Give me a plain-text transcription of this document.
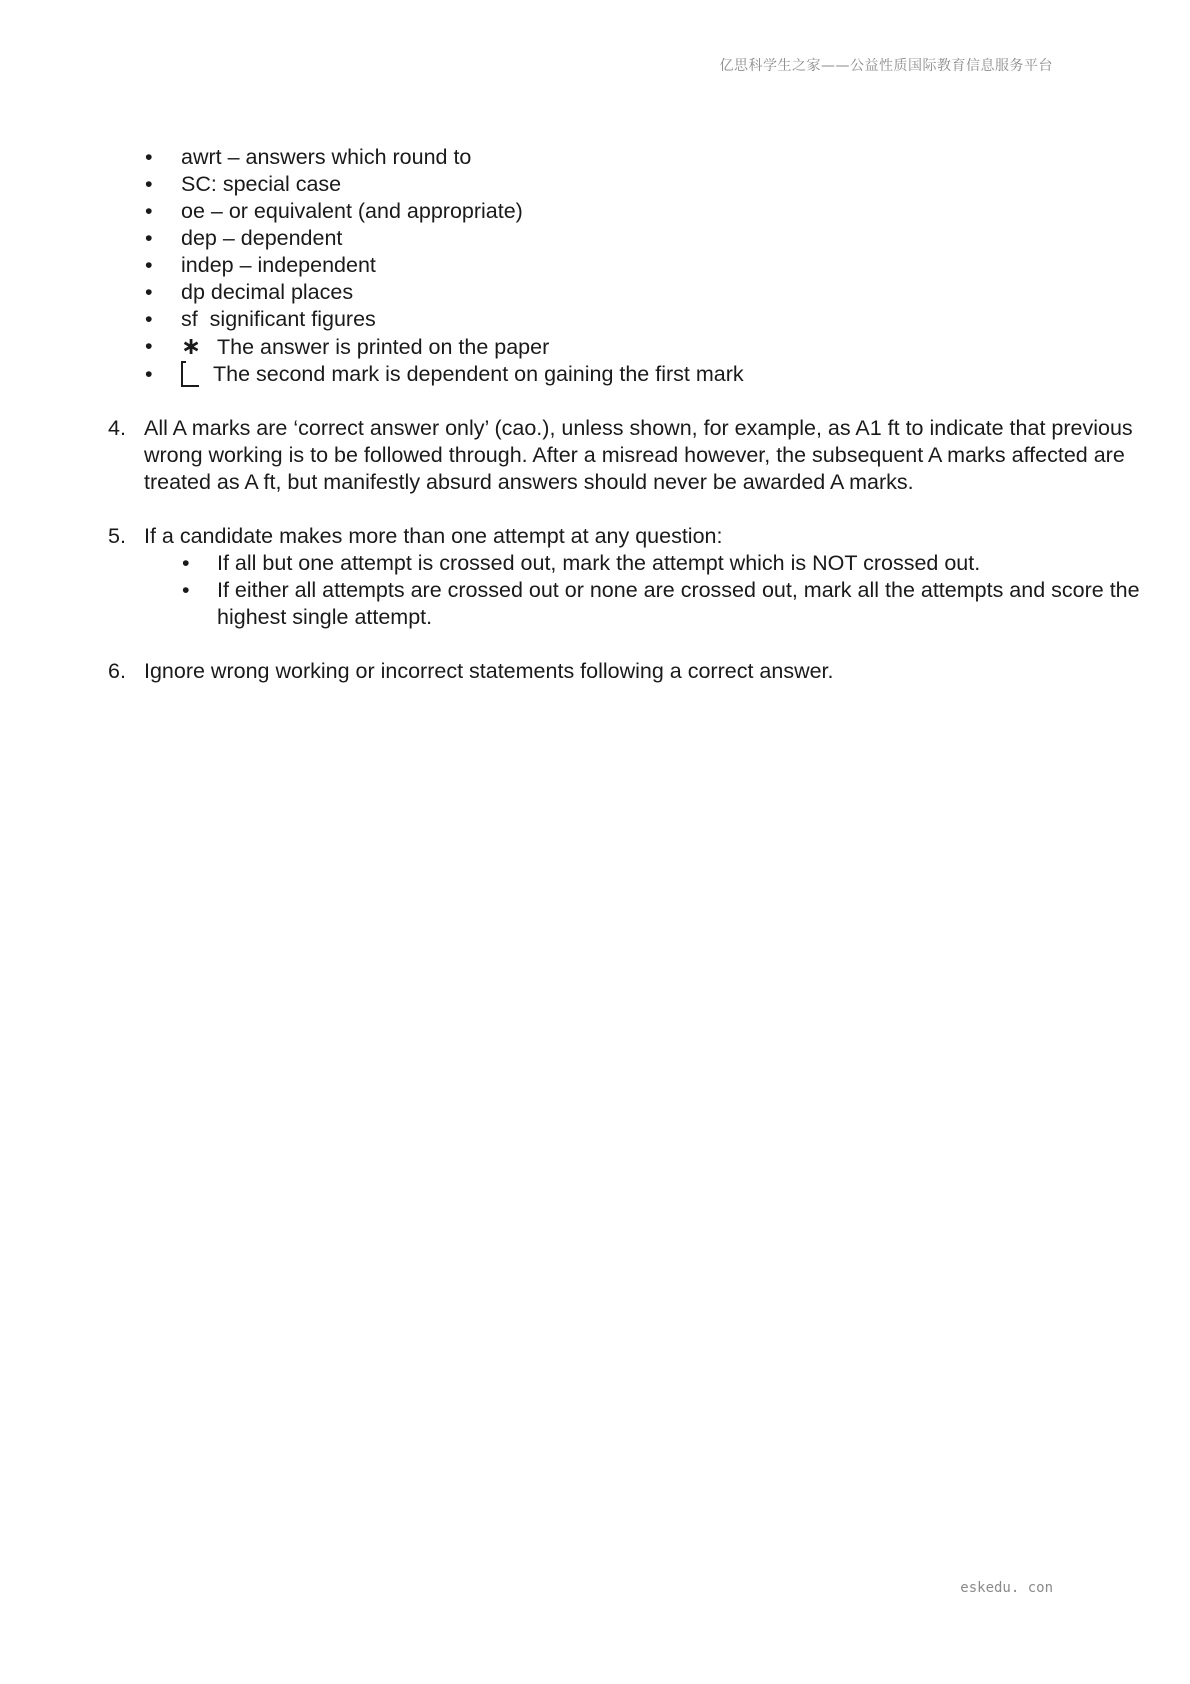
亿思科学生之家——公益性质国际教育信息服务平台
• awrt – answers which round to
• SC: special case
• oe – or equivalent (and appropriate)
• dep – dependent
• indep – independent
• dp decimal places
• sf  significant figures
• ∗ The answer is printed on the paper
•	The second mark is dependent on gaining the first mark
4. All A marks are ‘correct answer only’ (cao.), unless shown, for example, as A1 ft to indicate that previous wrong working is to be followed through. After a misread however, the subsequent A marks affected are treated as A ft, but manifestly absurd answers should never be awarded A marks.
5. If a candidate makes more than one attempt at any question:
• If all but one attempt is crossed out, mark the attempt which is NOT crossed out.
• If either all attempts are crossed out or none are crossed out, mark all the attempts and score the highest single attempt.
6. Ignore wrong working or incorrect statements following a correct answer.
eskedu. con
